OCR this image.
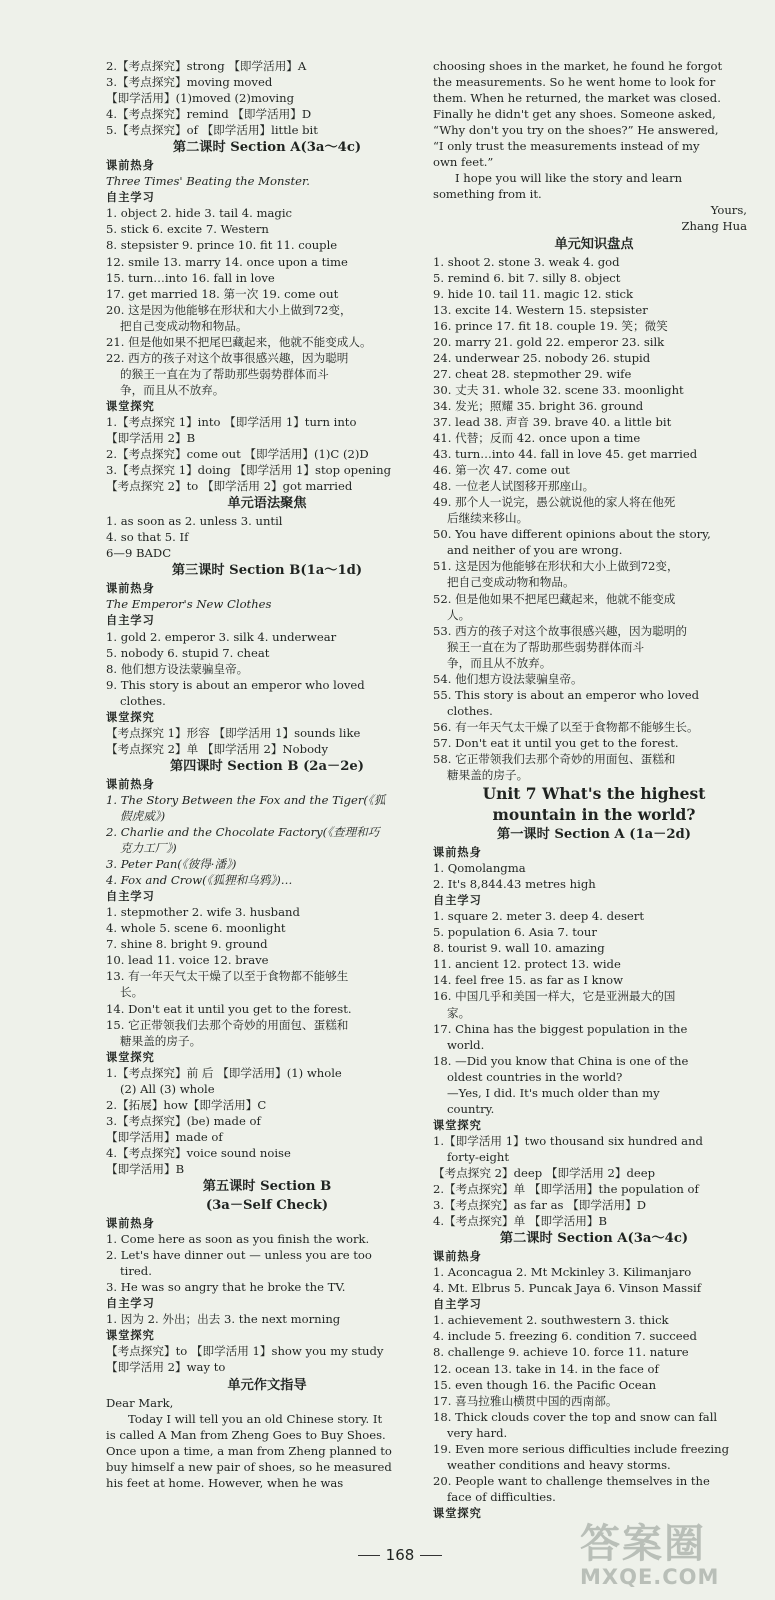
2.【考点探究】strong 【即学活用】A
3.【考点探究】moving moved
【即学活用】(1)moved (2)moving
4.【考点探究】remind 【即学活用】D
5.【考点探究】of 【即学活用】little bit
第二课时 Section A(3a～4c)
课前热身
Three Times' Beating the Monster.
自主学习
1. object 2. hide 3. tail 4. magic
5. stick 6. excite 7. Western
8. stepsister 9. prince 10. fit 11. couple
12. smile 13. marry 14. once upon a time
15. turn…into 16. fall in love
17. get married 18. 第一次 19. come out
20. 这是因为他能够在形状和大小上做到72变，
把自己变成动物和物品。
21. 但是他如果不把尾巴藏起来，他就不能变成人。
22. 西方的孩子对这个故事很感兴趣，因为聪明
的猴王一直在为了帮助那些弱势群体而斗
争，而且从不放弃。
课堂探究
1.【考点探究 1】into 【即学活用 1】turn into
【即学活用 2】B
2.【考点探究】come out 【即学活用】(1)C (2)D
3.【考点探究 1】doing 【即学活用 1】stop opening
【考点探究 2】to 【即学活用 2】got married
单元语法聚焦
1. as soon as 2. unless 3. until
4. so that 5. If
6—9 BADC
第三课时 Section B(1a～1d)
课前热身
The Emperor's New Clothes
自主学习
1. gold 2. emperor 3. silk 4. underwear
5. nobody 6. stupid 7. cheat
8. 他们想方设法蒙骗皇帝。
9. This story is about an emperor who loved
clothes.
课堂探究
【考点探究 1】形容 【即学活用 1】sounds like
【考点探究 2】单 【即学活用 2】Nobody
第四课时 Section B (2a－2e)
课前热身
1. The Story Between the Fox and the Tiger(《狐
假虎威》)
2. Charlie and the Chocolate Factory(《查理和巧
克力工厂》)
3. Peter Pan(《彼得·潘》)
4. Fox and Crow(《狐狸和乌鸦》)…
自主学习
1. stepmother 2. wife 3. husband
4. whole 5. scene 6. moonlight
7. shine 8. bright 9. ground
10. lead 11. voice 12. brave
13. 有一年天气太干燥了以至于食物都不能够生
长。
14. Don't eat it until you get to the forest.
15. 它正带领我们去那个奇妙的用面包、蛋糕和
糖果盖的房子。
课堂探究
1.【考点探究】前 后 【即学活用】(1) whole
(2) All (3) whole
2.【拓展】how【即学活用】C
3.【考点探究】(be) made of
【即学活用】made of
4.【考点探究】voice sound noise
【即学活用】B
第五课时 Section B
(3a－Self Check)
课前热身
1. Come here as soon as you finish the work.
2. Let's have dinner out — unless you are too
tired.
3. He was so angry that he broke the TV.
自主学习
1. 因为 2. 外出；出去 3. the next morning
课堂探究
【考点探究】to 【即学活用 1】show you my study
【即学活用 2】way to
单元作文指导
Dear Mark,
Today I will tell you an old Chinese story. It
is called A Man from Zheng Goes to Buy Shoes.
Once upon a time, a man from Zheng planned to
buy himself a new pair of shoes, so he measured
his feet at home. However, when he was
choosing shoes in the market, he found he forgot
the measurements. So he went home to look for
them. When he returned, the market was closed.
Finally he didn't get any shoes. Someone asked,
“Why don't you try on the shoes?” He answered,
“I only trust the measurements instead of my
own feet.”
I hope you will like the story and learn
something from it.
Yours,
Zhang Hua
单元知识盘点
1. shoot 2. stone 3. weak 4. god
5. remind 6. bit 7. silly 8. object
9. hide 10. tail 11. magic 12. stick
13. excite 14. Western 15. stepsister
16. prince 17. fit 18. couple 19. 笑；微笑
20. marry 21. gold 22. emperor 23. silk
24. underwear 25. nobody 26. stupid
27. cheat 28. stepmother 29. wife
30. 丈夫 31. whole 32. scene 33. moonlight
34. 发光；照耀 35. bright 36. ground
37. lead 38. 声音 39. brave 40. a little bit
41. 代替；反而 42. once upon a time
43. turn…into 44. fall in love 45. get married
46. 第一次 47. come out
48. 一位老人试图移开那座山。
49. 那个人一说完，愚公就说他的家人将在他死
后继续来移山。
50. You have different opinions about the story,
and neither of you are wrong.
51. 这是因为他能够在形状和大小上做到72变，
把自己变成动物和物品。
52. 但是他如果不把尾巴藏起来，他就不能变成
人。
53. 西方的孩子对这个故事很感兴趣，因为聪明的
猴王一直在为了帮助那些弱势群体而斗
争，而且从不放弃。
54. 他们想方设法蒙骗皇帝。
55. This story is about an emperor who loved
clothes.
56. 有一年天气太干燥了以至于食物都不能够生长。
57. Don't eat it until you get to the forest.
58. 它正带领我们去那个奇妙的用面包、蛋糕和
糖果盖的房子。
Unit 7 What's the highest
mountain in the world?
第一课时 Section A (1a－2d)
课前热身
1. Qomolangma
2. It's 8,844.43 metres high
自主学习
1. square 2. meter 3. deep 4. desert
5. population 6. Asia 7. tour
8. tourist 9. wall 10. amazing
11. ancient 12. protect 13. wide
14. feel free 15. as far as I know
16. 中国几乎和美国一样大，它是亚洲最大的国
家。
17. China has the biggest population in the
world.
18. —Did you know that China is one of the
oldest countries in the world?
—Yes, I did. It's much older than my
country.
课堂探究
1.【即学活用 1】two thousand six hundred and
forty-eight
【考点探究 2】deep 【即学活用 2】deep
2.【考点探究】单 【即学活用】the population of
3.【考点探究】as far as 【即学活用】D
4.【考点探究】单 【即学活用】B
第二课时 Section A(3a～4c)
课前热身
1. Aconcagua 2. Mt Mckinley 3. Kilimanjaro
4. Mt. Elbrus 5. Puncak Jaya 6. Vinson Massif
自主学习
1. achievement 2. southwestern 3. thick
4. include 5. freezing 6. condition 7. succeed
8. challenge 9. achieve 10. force 11. nature
12. ocean 13. take in 14. in the face of
15. even though 16. the Pacific Ocean
17. 喜马拉雅山横贯中国的西南部。
18. Thick clouds cover the top and snow can fall
very hard.
19. Even more serious difficulties include freezing
weather conditions and heavy storms.
20. People want to challenge themselves in the
face of difficulties.
课堂探究
168	答案圈
MXQE.COM
